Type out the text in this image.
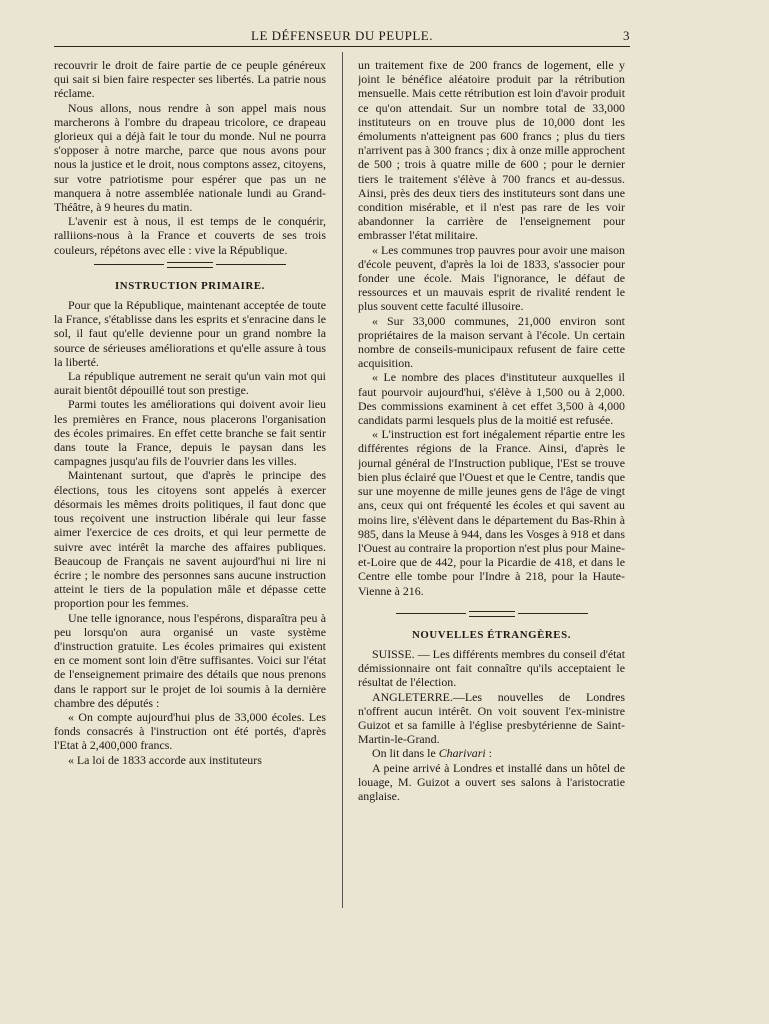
LE DÉFENSEUR DU PEUPLE.	3

recouvrir le droit de faire partie de ce peuple généreux qui sait si bien faire respecter ses libertés. La patrie nous réclame.

Nous allons, nous rendre à son appel mais nous marcherons à l'ombre du drapeau tricolore, ce drapeau glorieux qui a déjà fait le tour du monde. Nul ne pourra s'opposer à notre marche, parce que nous avons pour nous la justice et le droit, nous comptons assez, citoyens, sur votre patriotisme pour espérer que pas un ne manquera à notre assemblée nationale lundi au Grand-Théâtre, à 9 heures du matin.

L'avenir est à nous, il est temps de le conquérir, ralliions-nous à la France et couverts de ses trois couleurs, répétons avec elle : vive la République.

INSTRUCTION PRIMAIRE.

Pour que la République, maintenant acceptée de toute la France, s'établisse dans les esprits et s'enracine dans le sol, il faut qu'elle devienne pour un grand nombre la source de sérieuses améliorations et qu'elle assure à tous la liberté.

La république autrement ne serait qu'un vain mot qui aurait bientôt dépouillé tout son prestige.

Parmi toutes les améliorations qui doivent avoir lieu les premières en France, nous placerons l'organisation des écoles primaires. En effet cette branche se fait sentir dans toute la France, depuis le paysan dans les campagnes jusqu'au fils de l'ouvrier dans les villes.

Maintenant surtout, que d'après le principe des élections, tous les citoyens sont appelés à exercer désormais les mêmes droits politiques, il faut donc que tous reçoivent une instruction libérale qui leur fasse aimer l'exercice de ces droits, et qui leur permette de suivre avec intérêt la marche des affaires publiques. Beaucoup de Français ne savent aujourd'hui ni lire ni écrire ; le nombre des personnes sans aucune instruction atteint le tiers de la population mâle et dépasse cette proportion pour les femmes.

Une telle ignorance, nous l'espérons, disparaîtra peu à peu lorsqu'on aura organisé un vaste système d'instruction gratuite. Les écoles primaires qui existent en ce moment sont loin d'être suffisantes. Voici sur l'état de l'enseignement primaire des détails que nous prenons dans le rapport sur le projet de loi soumis à la dernière chambre des députés :

« On compte aujourd'hui plus de 33,000 écoles. Les fonds consacrés à l'instruction ont été portés, d'après l'Etat à 2,400,000 francs.

« La loi de 1833 accorde aux instituteurs

un traitement fixe de 200 francs de logement, elle y joint le bénéfice aléatoire produit par la rétribution mensuelle. Mais cette rétribution est loin d'avoir produit ce qu'on attendait. Sur un nombre total de 33,000 instituteurs on en trouve plus de 10,000 dont les émoluments n'atteignent pas 600 francs ; plus du tiers n'arrivent pas à 300 francs ; dix à onze mille approchent de 500 ; trois à quatre mille de 600 ; pour le dernier tiers le traitement s'élève à 700 francs et au-dessus. Ainsi, près des deux tiers des instituteurs sont dans une condition misérable, et il n'est pas rare de les voir abandonner la carrière de l'enseignement pour embrasser l'état militaire.

« Les communes trop pauvres pour avoir une maison d'école peuvent, d'après la loi de 1833, s'associer pour fonder une école. Mais l'ignorance, le défaut de ressources et un mauvais esprit de rivalité rendent le plus souvent cette faculté illusoire.

« Sur 33,000 communes, 21,000 environ sont propriétaires de la maison servant à l'école. Un certain nombre de conseils-municipaux refusent de faire cette acquisition.

« Le nombre des places d'instituteur auxquelles il faut pourvoir aujourd'hui, s'élève à 1,500 ou à 2,000. Des commissions examinent à cet effet 3,500 à 4,000 candidats parmi lesquels plus de la moitié est refusée.

« L'instruction est fort inégalement répartie entre les différentes régions de la France. Ainsi, d'après le journal général de l'Instruction publique, l'Est se trouve bien plus éclairé que l'Ouest et que le Centre, tandis que sur une moyenne de mille jeunes gens de l'âge de vingt ans, ceux qui ont fréquenté les écoles et qui savent au moins lire, s'élèvent dans le département du Bas-Rhin à 985, dans la Meuse à 944, dans les Vosges à 918 et dans l'Ouest au contraire la proportion n'est plus pour Maine-et-Loire que de 442, pour la Picardie de 418, et dans le Centre elle tombe pour l'Indre à 218, pour la Haute-Vienne à 216.

NOUVELLES ÉTRANGÈRES.

SUISSE. — Les différents membres du conseil d'état démissionnaire ont fait connaître qu'ils acceptaient le résultat de l'élection.

ANGLETERRE.—Les nouvelles de Londres n'offrent aucun intérêt. On voit souvent l'ex-ministre Guizot et sa famille à l'église presbytérienne de Saint-Martin-le-Grand.

On lit dans le Charivari :

A peine arrivé à Londres et installé dans un hôtel de louage, M. Guizot a ouvert ses salons à l'aristocratie anglaise.
